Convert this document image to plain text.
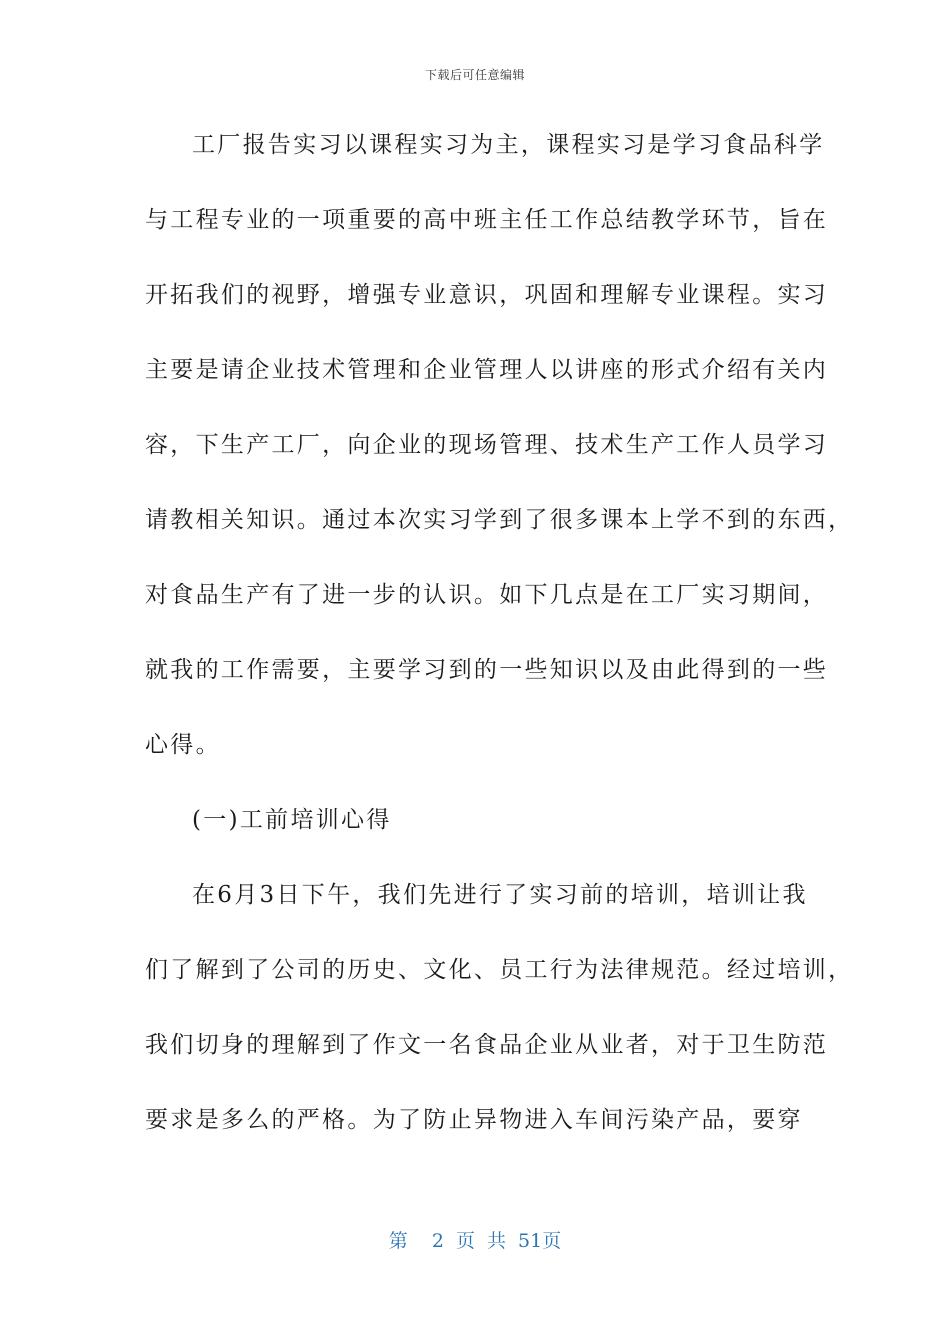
下载后可任意编辑
工厂报告实习以课程实习为主，课程实习是学习食品科学
与工程专业的一项重要的高中班主任工作总结教学环节，旨在
开拓我们的视野，增强专业意识，巩固和理解专业课程。实习
主要是请企业技术管理和企业管理人以讲座的形式介绍有关内
容，下生产工厂，向企业的现场管理、技术生产工作人员学习
请教相关知识。通过本次实习学到了很多课本上学不到的东西，
对食品生产有了进一步的认识。如下几点是在工厂实习期间，
就我的工作需要，主要学习到的一些知识以及由此得到的一些
心得。
(一)工前培训心得
在6月3日下午，我们先进行了实习前的培训，培训让我
们了解到了公司的历史、文化、员工行为法律规范。经过培训，
我们切身的理解到了作文一名食品企业从业者，对于卫生防范
要求是多么的严格。为了防止异物进入车间污染产品，要穿
第  2 页 共 51页
